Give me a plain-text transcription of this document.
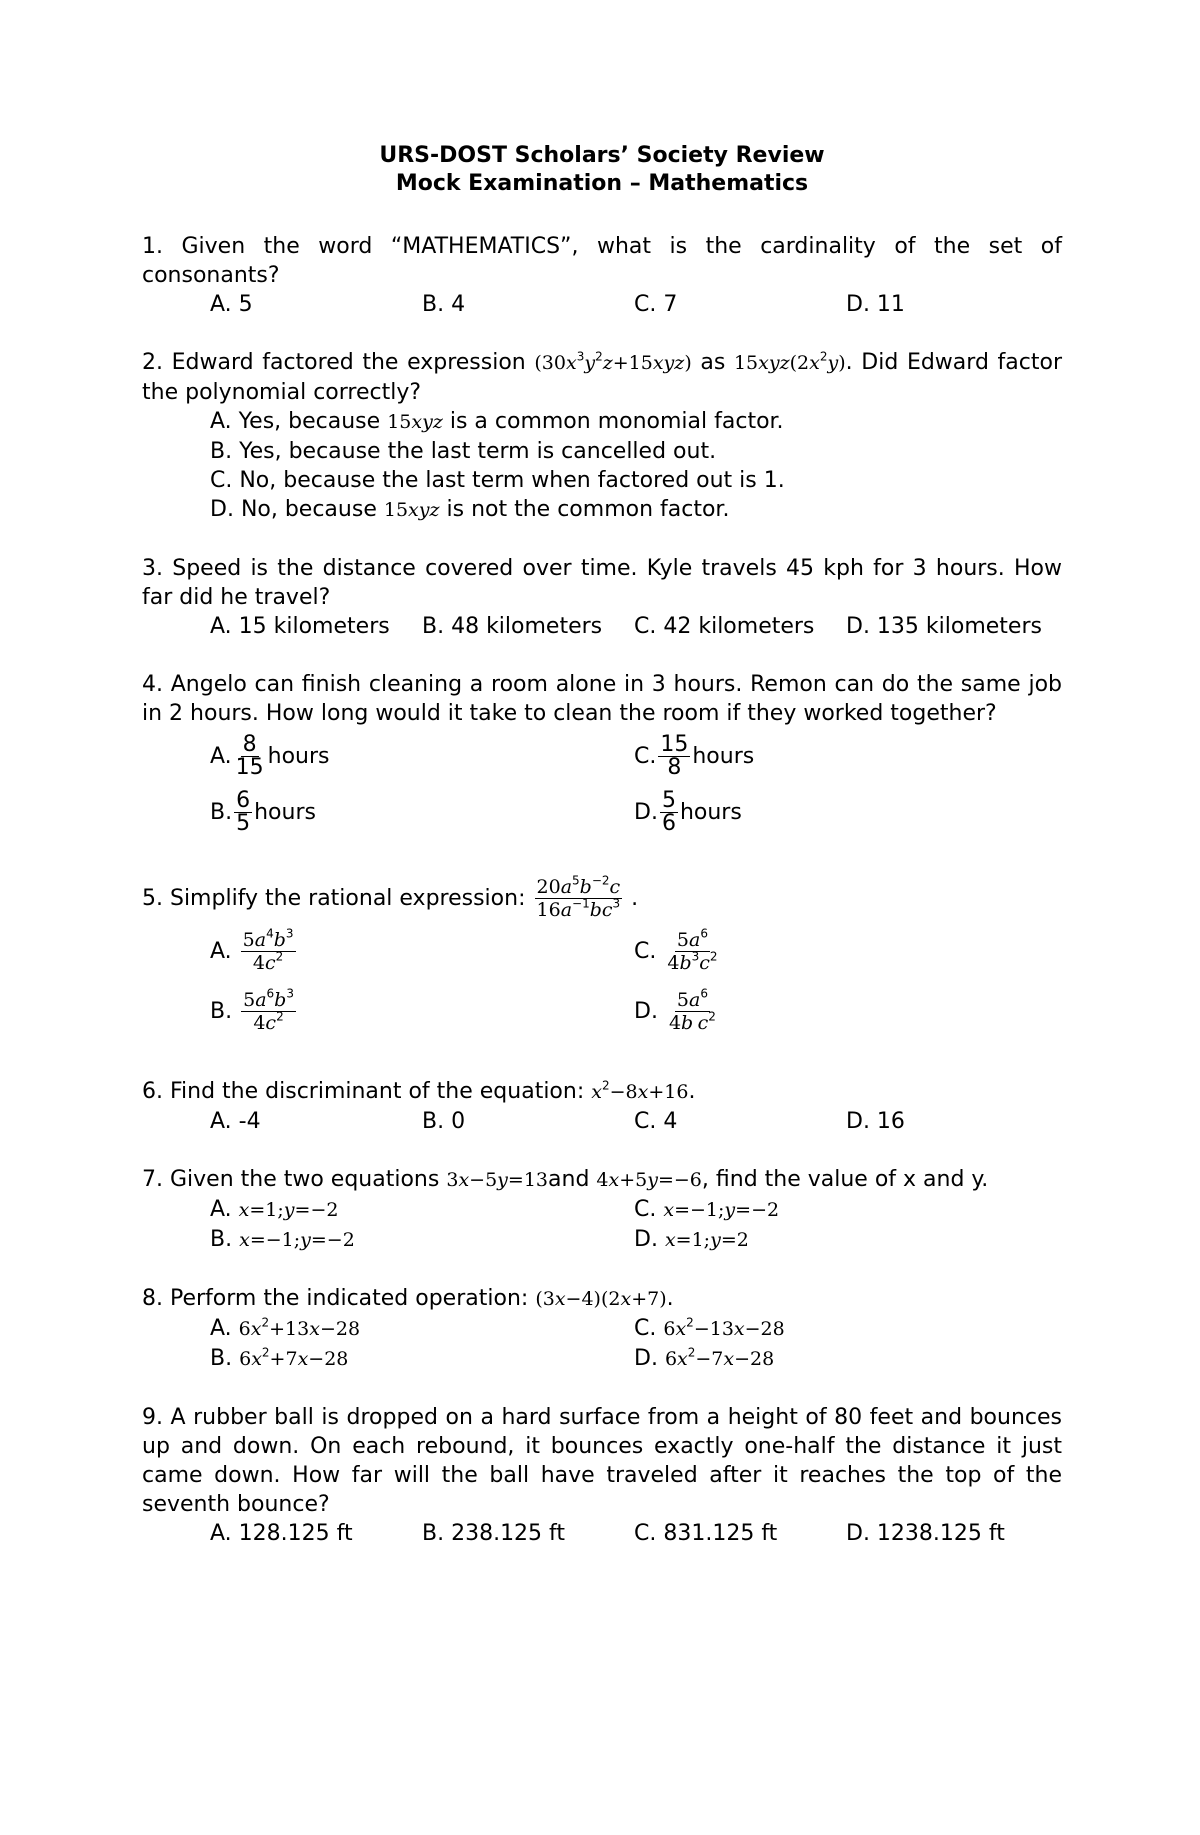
URS-DOST Scholars’ Society Review
Mock Examination – Mathematics

1. Given the word “MATHEMATICS”, what is the cardinality of the set of consonants?

A. 5	B. 4	C. 7	D. 11

2. Edward factored the expression $(30x^3y^2z+15xyz)$ as $15xyz(2x^2y)$. Did Edward factor the polynomial correctly?

A. Yes, because 15xyz is a common monomial factor.
B. Yes, because the last term is cancelled out.
C. No, because the last term when factored out is 1.
D. No, because 15xyz is not the common factor.

3. Speed is the distance covered over time. Kyle travels 45 kph for 3 hours. How far did he travel?

A. 15 kilometers	B. 48 kilometers	C. 42 kilometers	D. 135 kilometers

4. Angelo can finish cleaning a room alone in 3 hours. Remon can do the same job in 2 hours. How long would it take to clean the room if they worked together?

A. $\frac{8}{15}$ hours	C. $\frac{15}{8}$ hours
B. $\frac{6}{5}$ hours	D. $\frac{5}{6}$ hours

5. Simplify the rational expression:
$\frac{20a^5b^{-2}c}{16a^{-1}bc^3}$ .

A.
$\frac{5a^4b^3}{4c^2}$	C.
$\frac{5a^6}{4b^3c^2}$
B.
$\frac{5a^6b^3}{4c^2}$	D.
$\frac{5a^6}{4b c^2}$

6. Find the discriminant of the equation: $x^2-8x+16$.

A. -4	B. 0	C. 4	D. 16

7. Given the two equations 3x−5y=13and 4x+5y=−6, find the value of x and y.

A. x=1;y=−2	C. x=−1;y=−2
B. x=−1;y=−2	D. x=1;y=2

8. Perform the indicated operation: (3x−4)(2x+7).

A. $6x^2+13x-28$	C. $6x^2-13x-28$
B. $6x^2+7x-28$	D. $6x^2-7x-28$

9. A rubber ball is dropped on a hard surface from a height of 80 feet and bounces up and down. On each rebound, it bounces exactly one-half the distance it just came down. How far will the ball have traveled after it reaches the top of the seventh bounce?

A. 128.125 ft	B. 238.125 ft	C. 831.125 ft	D. 1238.125 ft
